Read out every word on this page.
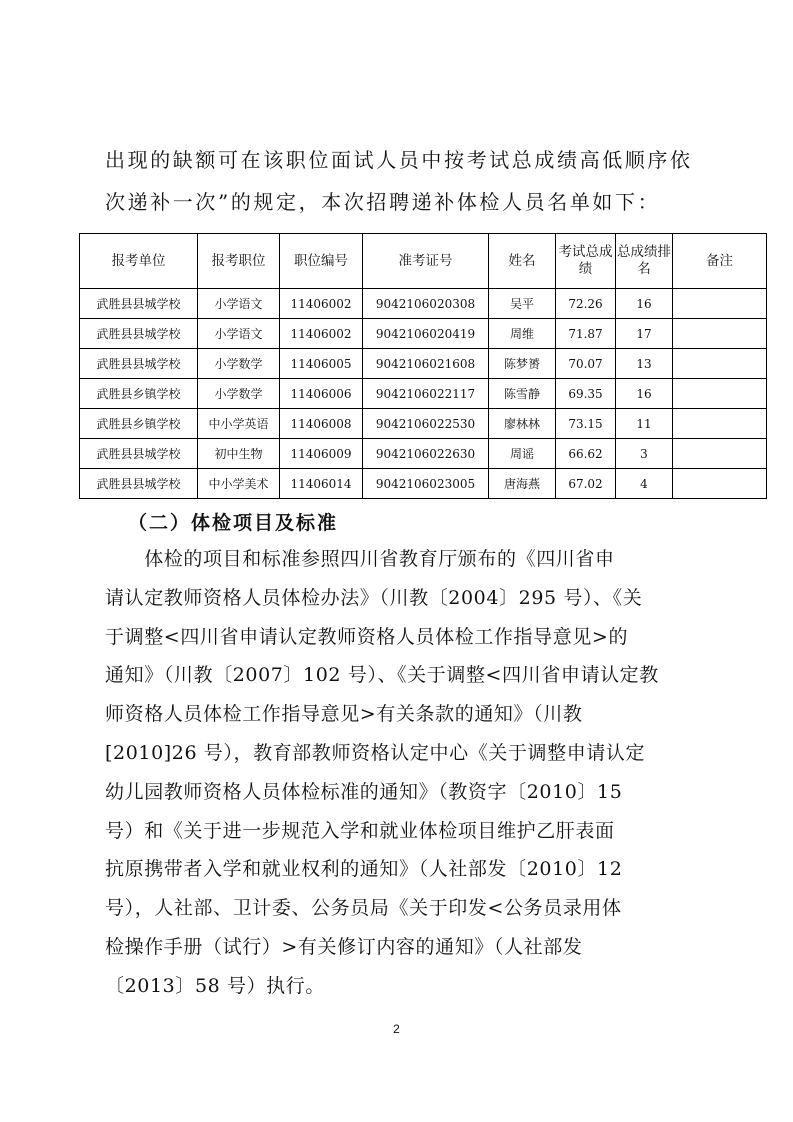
出现的缺额可在该职位面试人员中按考试总成绩高低顺序依
次递补一次”的规定，本次招聘递补体检人员名单如下：
报考单位	报考职位	职位编号	准考证号	姓名	考试总成绩	总成绩排名	备注
武胜县县城学校	小学语文	11406002	9042106020308	吴平	72.26	16	
武胜县县城学校	小学语文	11406002	9042106020419	周维	71.87	17	
武胜县县城学校	小学数学	11406005	9042106021608	陈梦赟	70.07	13	
武胜县乡镇学校	小学数学	11406006	9042106022117	陈雪静	69.35	16	
武胜县乡镇学校	中小学英语	11406008	9042106022530	廖林林	73.15	11	
武胜县县城学校	初中生物	11406009	9042106022630	周谣	66.62	3	
武胜县县城学校	中小学美术	11406014	9042106023005	唐海燕	67.02	4	
（二）体检项目及标准
　　体检的项目和标准参照四川省教育厅颁布的《四川省申
请认定教师资格人员体检办法》（川教〔2004〕295 号）、《关
于调整<四川省申请认定教师资格人员体检工作指导意见>的
通知》（川教〔2007〕102 号）、《关于调整<四川省申请认定教
师资格人员体检工作指导意见>有关条款的通知》（川教
[2010]26 号），教育部教师资格认定中心《关于调整申请认定
幼儿园教师资格人员体检标准的通知》（教资字〔2010〕15
号）和《关于进一步规范入学和就业体检项目维护乙肝表面
抗原携带者入学和就业权利的通知》（人社部发〔2010〕12
号），人社部、卫计委、公务员局《关于印发<公务员录用体
检操作手册（试行）>有关修订内容的通知》（人社部发
〔2013〕58 号）执行。
2
